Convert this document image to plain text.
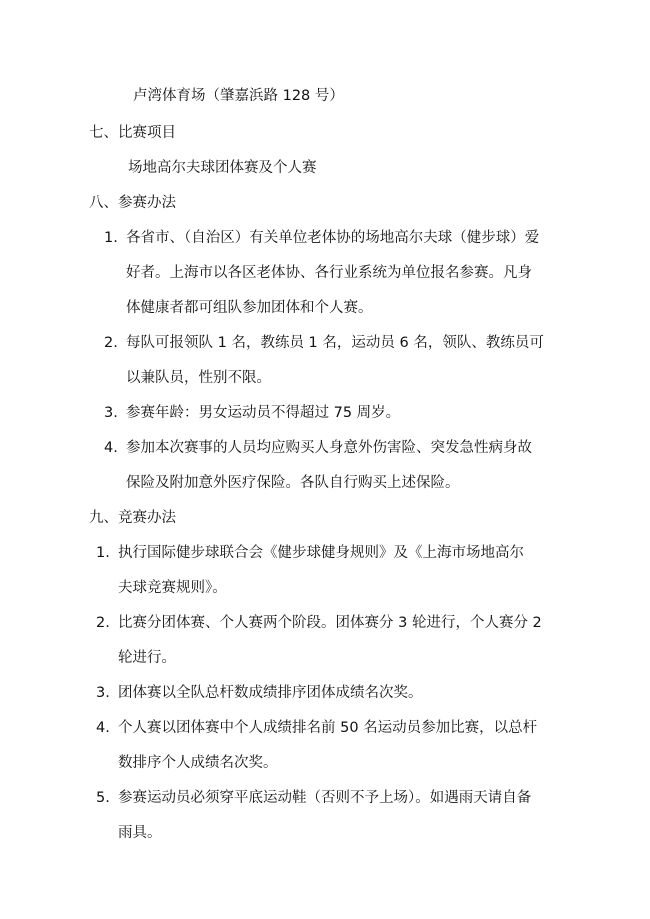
卢湾体育场（肇嘉浜路 128 号）
七、比赛项目
场地高尔夫球团体赛及个人赛
八、参赛办法
1. 各省市、（自治区）有关单位老体协的场地高尔夫球（健步球）爱
好者。上海市以各区老体协、各行业系统为单位报名参赛。凡身
体健康者都可组队参加团体和个人赛。
2. 每队可报领队 1 名，教练员 1 名，运动员 6 名，领队、教练员可
以兼队员，性别不限。
3. 参赛年龄：男女运动员不得超过 75 周岁。
4. 参加本次赛事的人员均应购买人身意外伤害险、突发急性病身故
保险及附加意外医疗保险。各队自行购买上述保险。
九、竞赛办法
1. 执行国际健步球联合会《健步球健身规则》及《上海市场地高尔
夫球竞赛规则》。
2. 比赛分团体赛、个人赛两个阶段。团体赛分 3 轮进行，个人赛分 2
轮进行。
3. 团体赛以全队总杆数成绩排序团体成绩名次奖。
4. 个人赛以团体赛中个人成绩排名前 50 名运动员参加比赛，以总杆
数排序个人成绩名次奖。
5. 参赛运动员必须穿平底运动鞋（否则不予上场）。如遇雨天请自备
雨具。
